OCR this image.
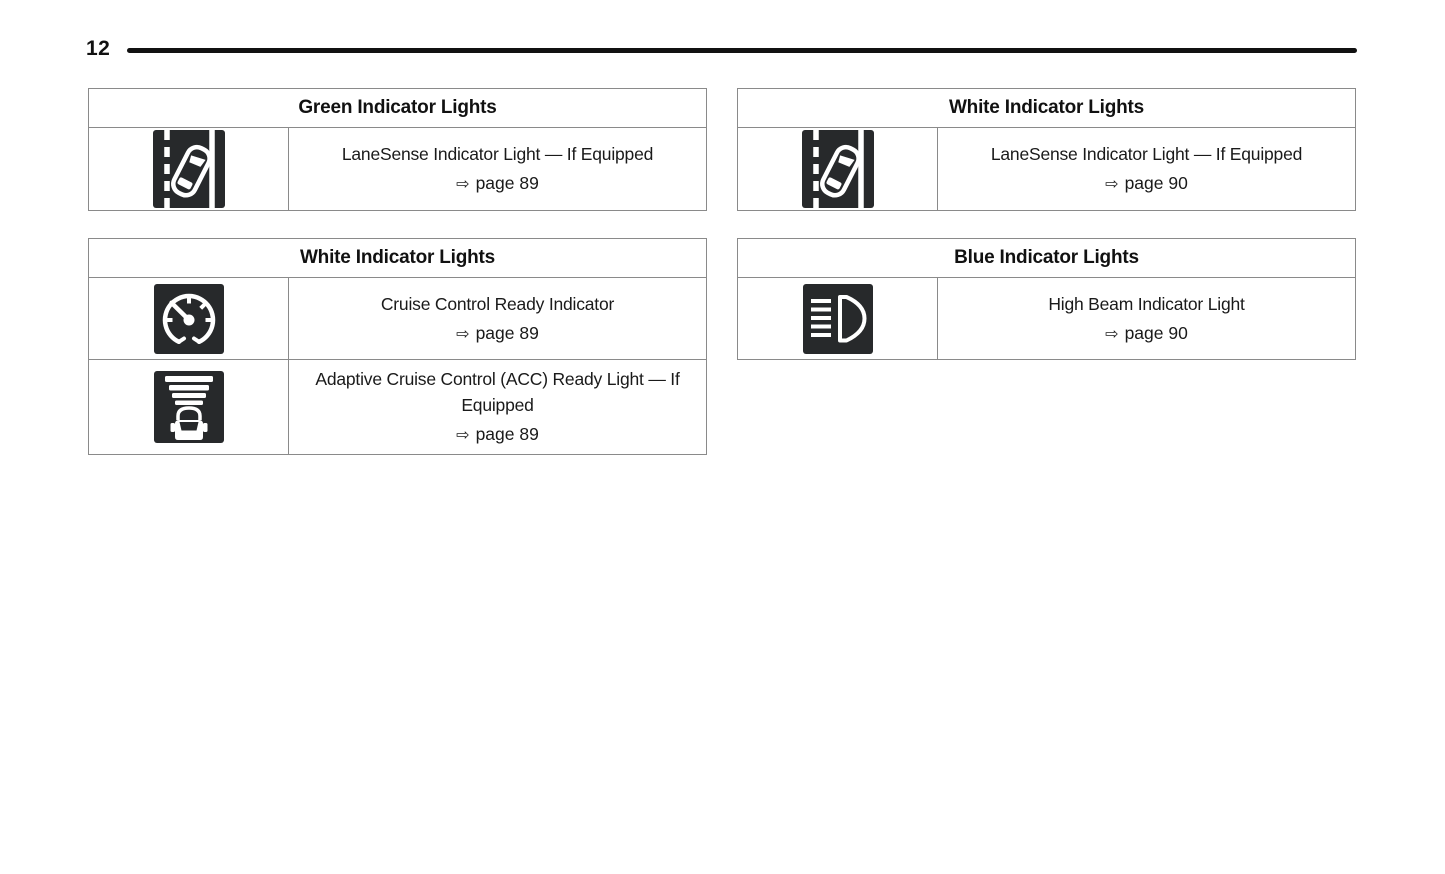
12
Green Indicator Lights
LaneSense Indicator Light — If Equipped
⇨ page 89
White Indicator Lights
LaneSense Indicator Light — If Equipped
⇨ page 90
White Indicator Lights
Cruise Control Ready Indicator
⇨ page 89
Adaptive Cruise Control (ACC) Ready Light — If Equipped
⇨ page 89
Blue Indicator Lights
High Beam Indicator Light
⇨ page 90
